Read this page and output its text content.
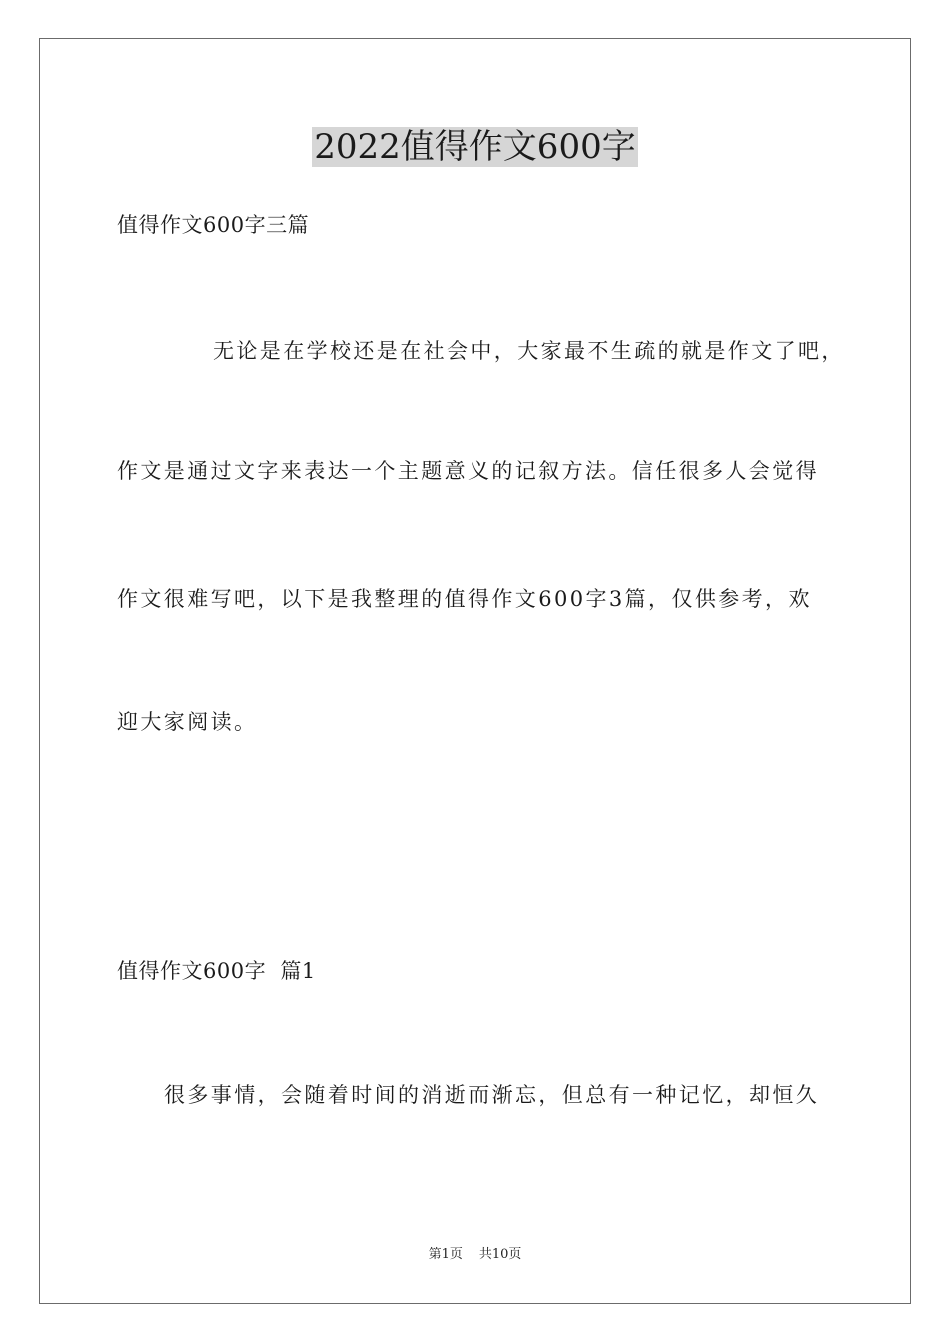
2022值得作文600字
值得作文600字三篇
无论是在学校还是在社会中，大家最不生疏的就是作文了吧，
作文是通过文字来表达一个主题意义的记叙方法。信任很多人会觉得
作文很难写吧，以下是我整理的值得作文600字3篇，仅供参考，欢
迎大家阅读。
值得作文600字  篇1
很多事情，会随着时间的消逝而渐忘，但总有一种记忆，却恒久
第1页 共10页
